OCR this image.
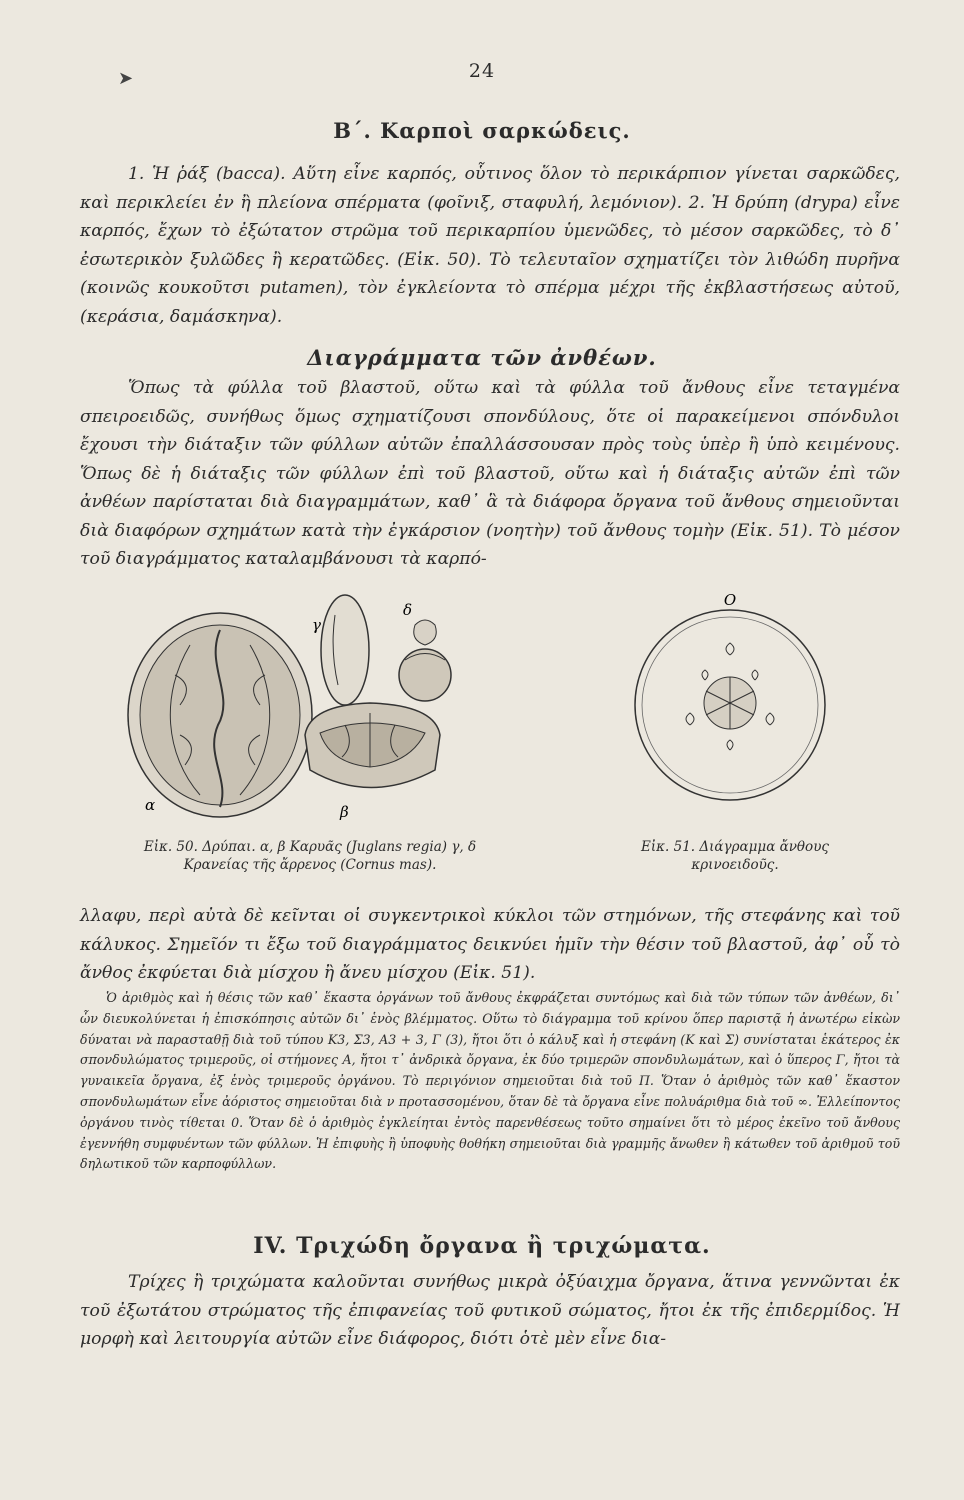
➤	24
Β΄. Καρποὶ σαρκώδεις.

1. Ἡ ῥάξ (bacca). Αὕτη εἶνε καρπός, οὗτινος ὅλον τὸ περικάρπιον γίνεται σαρκῶδες, καὶ περικλείει ἐν ἢ πλείονα σπέρματα (φοῖνιξ, σταφυλή, λεμόνιον). 2. Ἡ δρύπη (drypa) εἶνε καρπός, ἔχων τὸ ἐξώτατον στρῶμα τοῦ περικαρπίου ὑμενῶδες, τὸ μέσον σαρκῶδες, τὸ δ᾽ ἐσωτερικὸν ξυλῶδες ἢ κερατῶδες. (Εἰκ. 50). Τὸ τελευταῖον σχηματίζει τὸν λιθώδη πυρῆνα (κοινῶς κουκοῦτσι putamen), τὸν ἐγκλείοντα τὸ σπέρμα μέχρι τῆς ἐκβλαστήσεως αὐτοῦ, (κεράσια, δαμάσκηνα).

Διαγράμματα τῶν ἀνθέων.

Ὅπως τὰ φύλλα τοῦ βλαστοῦ, οὕτω καὶ τὰ φύλλα τοῦ ἄνθους εἶνε τεταγμένα σπειροειδῶς, συνήθως ὅμως σχηματίζουσι σπονδύλους, ὅτε οἱ παρακείμενοι σπόνδυλοι ἔχουσι τὴν διάταξιν τῶν φύλλων αὐτῶν ἐπαλλάσσουσαν πρὸς τοὺς ὑπὲρ ἢ ὑπὸ κειμένους. Ὅπως δὲ ἡ διάταξις τῶν φύλλων ἐπὶ τοῦ βλαστοῦ, οὕτω καὶ ἡ διάταξις αὐτῶν ἐπὶ τῶν ἀνθέων παρίσταται διὰ διαγραμμάτων, καθ᾽ ἃ τὰ διάφορα ὄργανα τοῦ ἄνθους σημειοῦνται διὰ διαφόρων σχημάτων κατὰ τὴν ἐγκάρσιον (νοητὴν) τοῦ ἄνθους τομὴν (Εἰκ. 51). Τὸ μέσον τοῦ διαγράμματος καταλαμβάνουσι τὰ καρπό-

α	β
γ
δ
O
Εἰκ. 50. Δρύπαι. α, β Καρυᾶς (Juglans regia) γ, δ Κρανείας τῆς ἄρρενος (Cornus mas).
Εἰκ. 51. Διάγραμμα ἄνθους κρινοειδοῦς.

λλαφυ, περὶ αὐτὰ δὲ κεῖνται οἱ συγκεντρικοὶ κύκλοι τῶν στημόνων, τῆς στεφάνης καὶ τοῦ κάλυκος. Σημεῖόν τι ἔξω τοῦ διαγράμματος δεικνύει ἡμῖν τὴν θέσιν τοῦ βλαστοῦ, ἀφ᾽ οὗ τὸ ἄνθος ἐκφύεται διὰ μίσχου ἢ ἄνευ μίσχου (Εἰκ. 51).

Ὁ ἀριθμὸς καὶ ἡ θέσις τῶν καθ᾽ ἕκαστα ὀργάνων τοῦ ἄνθους ἐκφράζεται συντόμως καὶ διὰ τῶν τύπων τῶν ἀνθέων, δι᾽ ὧν διευκολύνεται ἡ ἐπισκόπησις αὐτῶν δι᾽ ἑνὸς βλέμματος. Οὕτω τὸ διάγραμμα τοῦ κρίνου ὅπερ παριστᾷ ἡ ἀνωτέρω εἰκὼν δύναται νὰ παρασταθῇ διὰ τοῦ τύπου K3, Σ3, Α3 + 3, Γ (3), ἤτοι ὅτι ὁ κάλυξ καὶ ἡ στεφάνη (Κ καὶ Σ) συνίσταται ἑκάτερος ἐκ σπονδυλώματος τριμεροῦς, οἱ στήμονες Α, ἤτοι τ᾽ ἀνδρικὰ ὄργανα, ἐκ δύο τριμερῶν σπονδυλωμάτων, καὶ ὁ ὕπερος Γ, ἤτοι τὰ γυναικεῖα ὄργανα, ἐξ ἑνὸς τριμεροῦς ὀργάνου. Τὸ περιγόνιον σημειοῦται διὰ τοῦ Π. Ὅταν ὁ ἀριθμὸς τῶν καθ᾽ ἕκαστον σπονδυλωμάτων εἶνε ἀόριστος σημειοῦται διὰ ν προτασσομένου, ὅταν δὲ τὰ ὄργανα εἶνε πολυάριθμα διὰ τοῦ ∞. Ἐλλείποντος ὀργάνου τινὸς τίθεται 0. Ὅταν δὲ ὁ ἀριθμὸς ἐγκλείηται ἐντὸς παρενθέσεως τοῦτο σημαίνει ὅτι τὸ μέρος ἐκεῖνο τοῦ ἄνθους ἐγεννήθη συμφυέντων τῶν φύλλων. Ἡ ἐπιφυὴς ἢ ὑποφυὴς θοθήκη σημειοῦται διὰ γραμμῆς ἄνωθεν ἢ κάτωθεν τοῦ ἀριθμοῦ τοῦ δηλωτικοῦ τῶν καρποφύλλων.

IV. Τριχώδη ὄργανα ἢ τριχώματα.

Τρίχες ἢ τριχώματα καλοῦνται συνήθως μικρὰ ὀξύαιχμα ὄργανα, ἅτινα γεννῶνται ἐκ τοῦ ἐξωτάτου στρώματος τῆς ἐπιφανείας τοῦ φυτικοῦ σώματος, ἤτοι ἐκ τῆς ἐπιδερμίδος. Ἡ μορφὴ καὶ λειτουργία αὐτῶν εἶνε διάφορος, διότι ὁτὲ μὲν εἶνε δια-
